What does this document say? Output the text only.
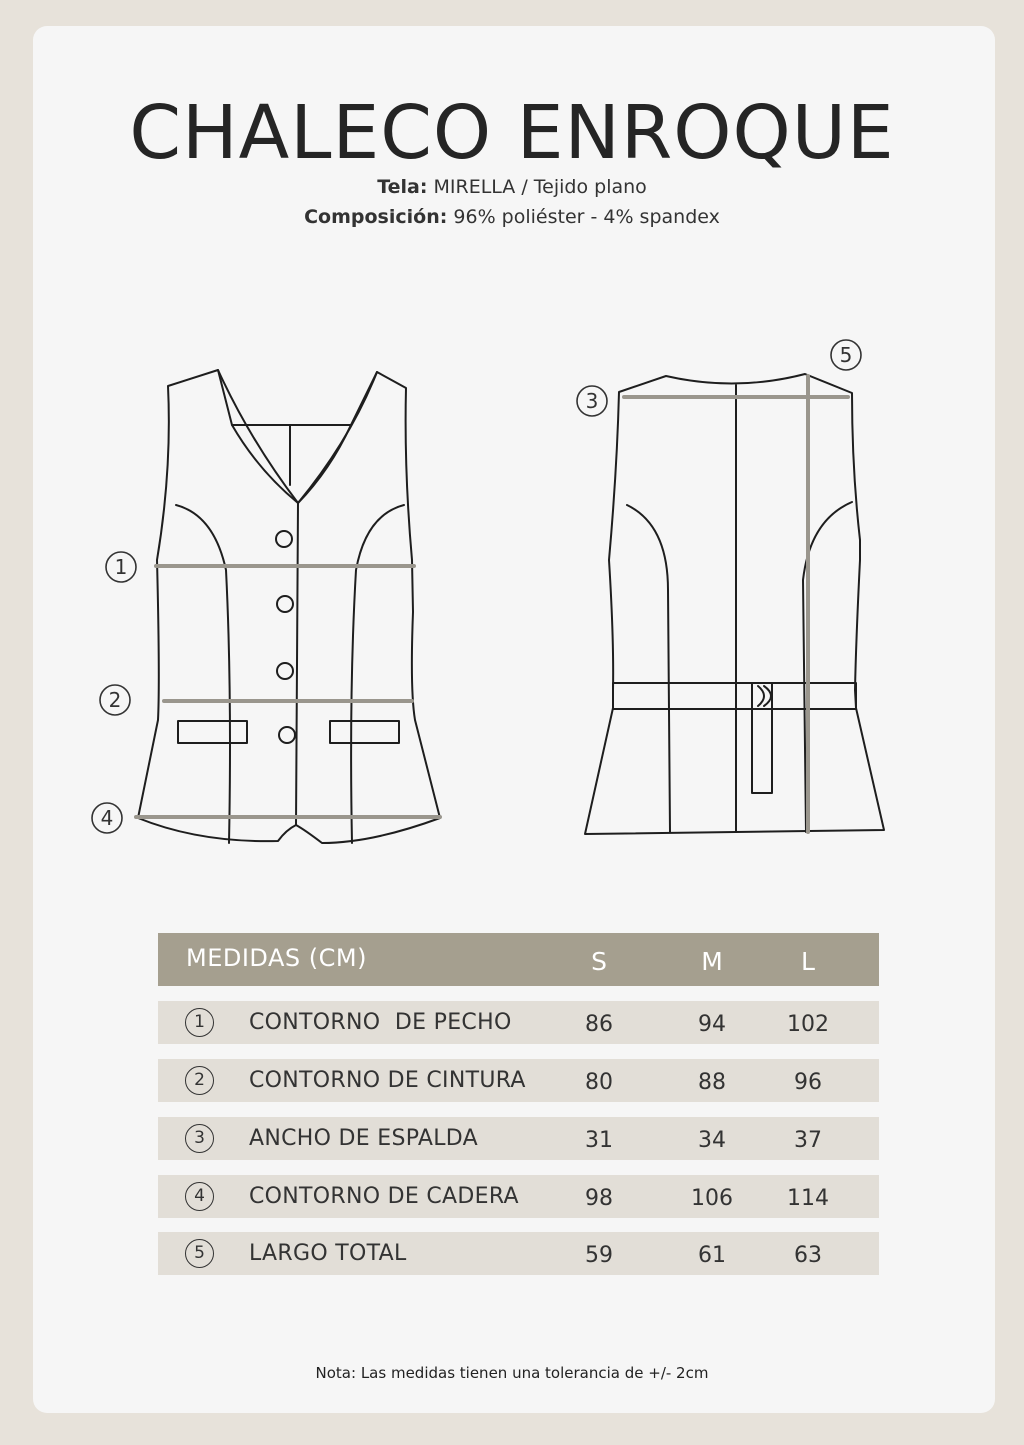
CHALECO ENROQUE
Tela: MIRELLA / Tejido plano
Composición: 96% poliéster - 4% spandex
1
2
4
3
5
MEDIDAS (CM)	S	M	L
1	CONTORNO  DE PECHO	86	94	102
2	CONTORNO DE CINTURA	80	88	96
3	ANCHO DE ESPALDA	31	34	37
4	CONTORNO DE CADERA	98	106	114
5	LARGO TOTAL	59	61	63
Nota: Las medidas tienen una tolerancia de +/- 2cm
